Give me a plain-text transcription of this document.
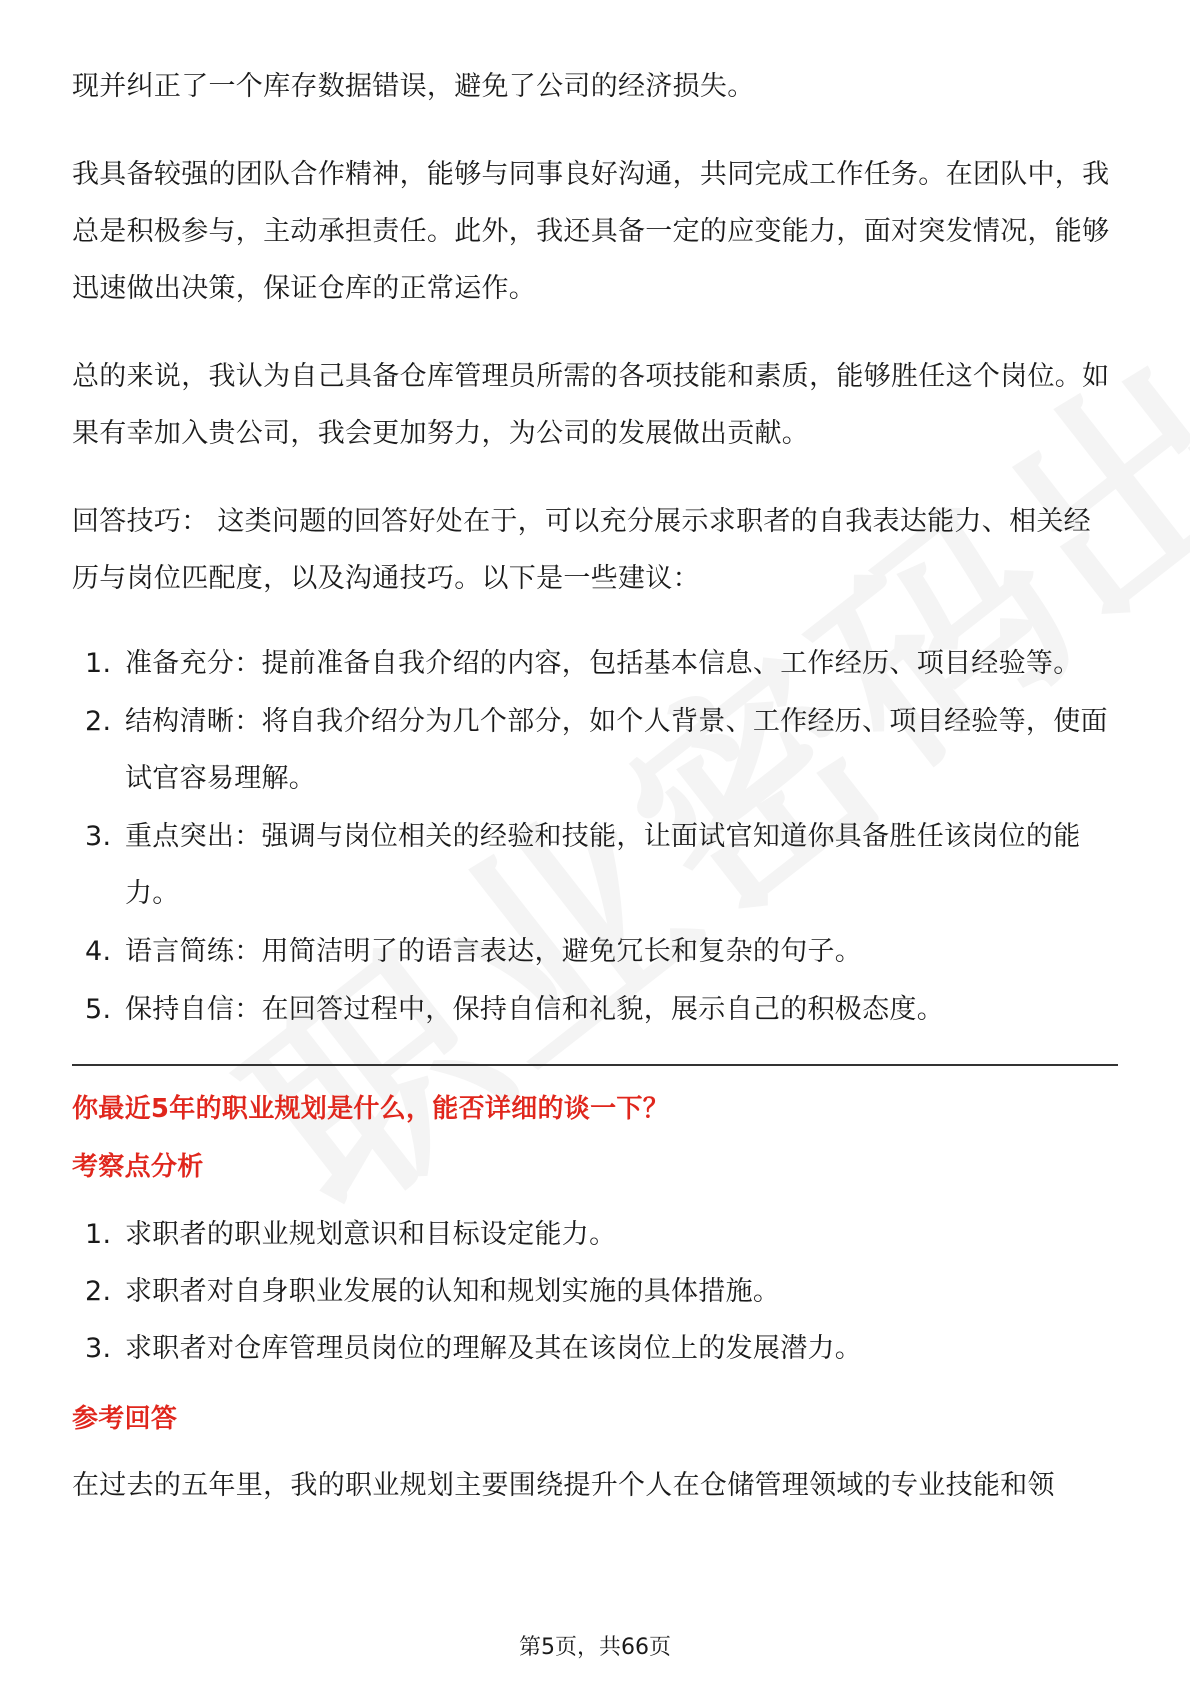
现并纠正了一个库存数据错误，避免了公司的经济损失。

我具备较强的团队合作精神，能够与同事良好沟通，共同完成工作任务。在团队中，我总是积极参与，主动承担责任。此外，我还具备一定的应变能力，面对突发情况，能够迅速做出决策，保证仓库的正常运作。

总的来说，我认为自己具备仓库管理员所需的各项技能和素质，能够胜任这个岗位。如果有幸加入贵公司，我会更加努力，为公司的发展做出贡献。

回答技巧： 这类问题的回答好处在于，可以充分展示求职者的自我表达能力、相关经历与岗位匹配度，以及沟通技巧。以下是一些建议：

1. 准备充分：提前准备自我介绍的内容，包括基本信息、工作经历、项目经验等。
2. 结构清晰：将自我介绍分为几个部分，如个人背景、工作经历、项目经验等，使面试官容易理解。
3. 重点突出：强调与岗位相关的经验和技能，让面试官知道你具备胜任该岗位的能力。
4. 语言简练：用简洁明了的语言表达，避免冗长和复杂的句子。
5. 保持自信：在回答过程中，保持自信和礼貌，展示自己的积极态度。
你最近5年的职业规划是什么，能否详细的谈一下？
考察点分析
1. 求职者的职业规划意识和目标设定能力。
2. 求职者对自身职业发展的认知和规划实施的具体措施。
3. 求职者对仓库管理员岗位的理解及其在该岗位上的发展潜力。
参考回答

在过去的五年里，我的职业规划主要围绕提升个人在仓储管理领域的专业技能和领

第5页，共66页
